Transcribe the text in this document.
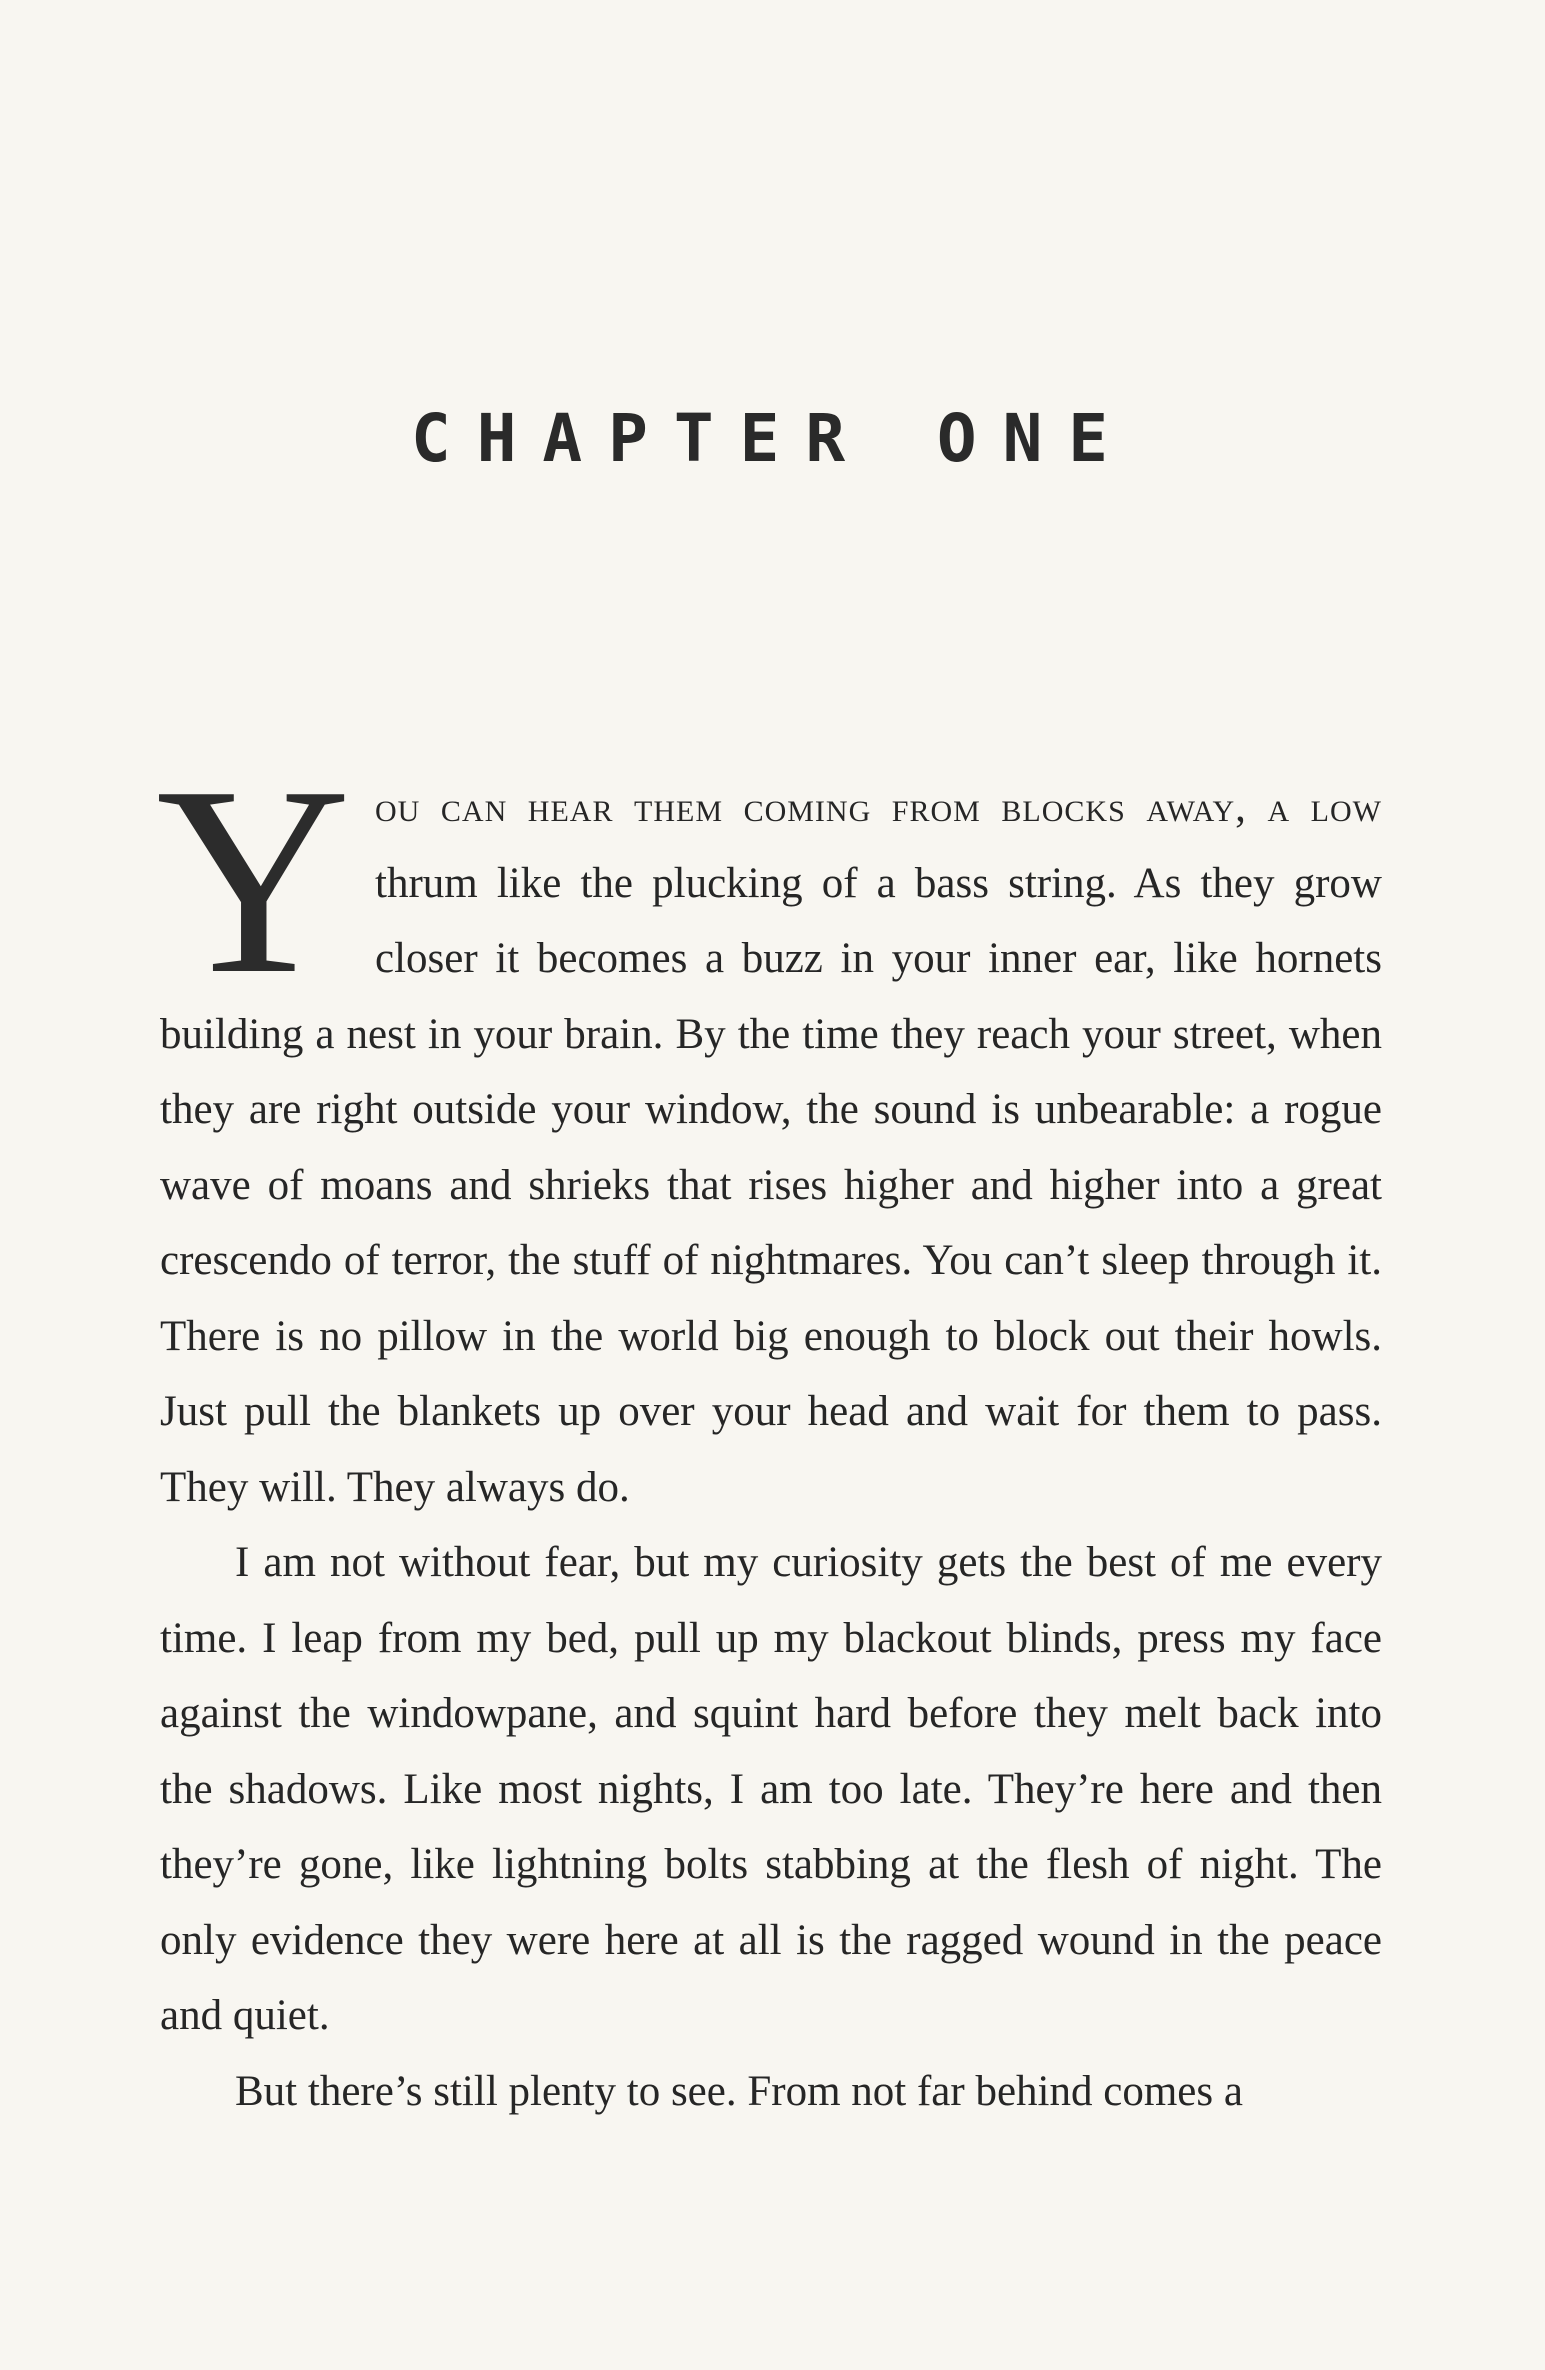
CHAPTER ONE

You can hear them coming from blocks away, a low thrum like the plucking of a bass string. As they grow closer it becomes a buzz in your inner ear, like hornets building a nest in your brain. By the time they reach your street, when they are right outside your window, the sound is unbearable: a rogue wave of moans and shrieks that rises higher and higher into a great crescendo of terror, the stuff of nightmares. You can’t sleep through it. There is no pillow in the world big enough to block out their howls. Just pull the blankets up over your head and wait for them to pass. They will. They always do.

I am not without fear, but my curiosity gets the best of me every time. I leap from my bed, pull up my blackout blinds, press my face against the windowpane, and squint hard before they melt back into the shadows. Like most nights, I am too late. They’re here and then they’re gone, like lightning bolts stabbing at the flesh of night. The only evidence they were here at all is the ragged wound in the peace and quiet.

But there’s still plenty to see. From not far behind comes a
